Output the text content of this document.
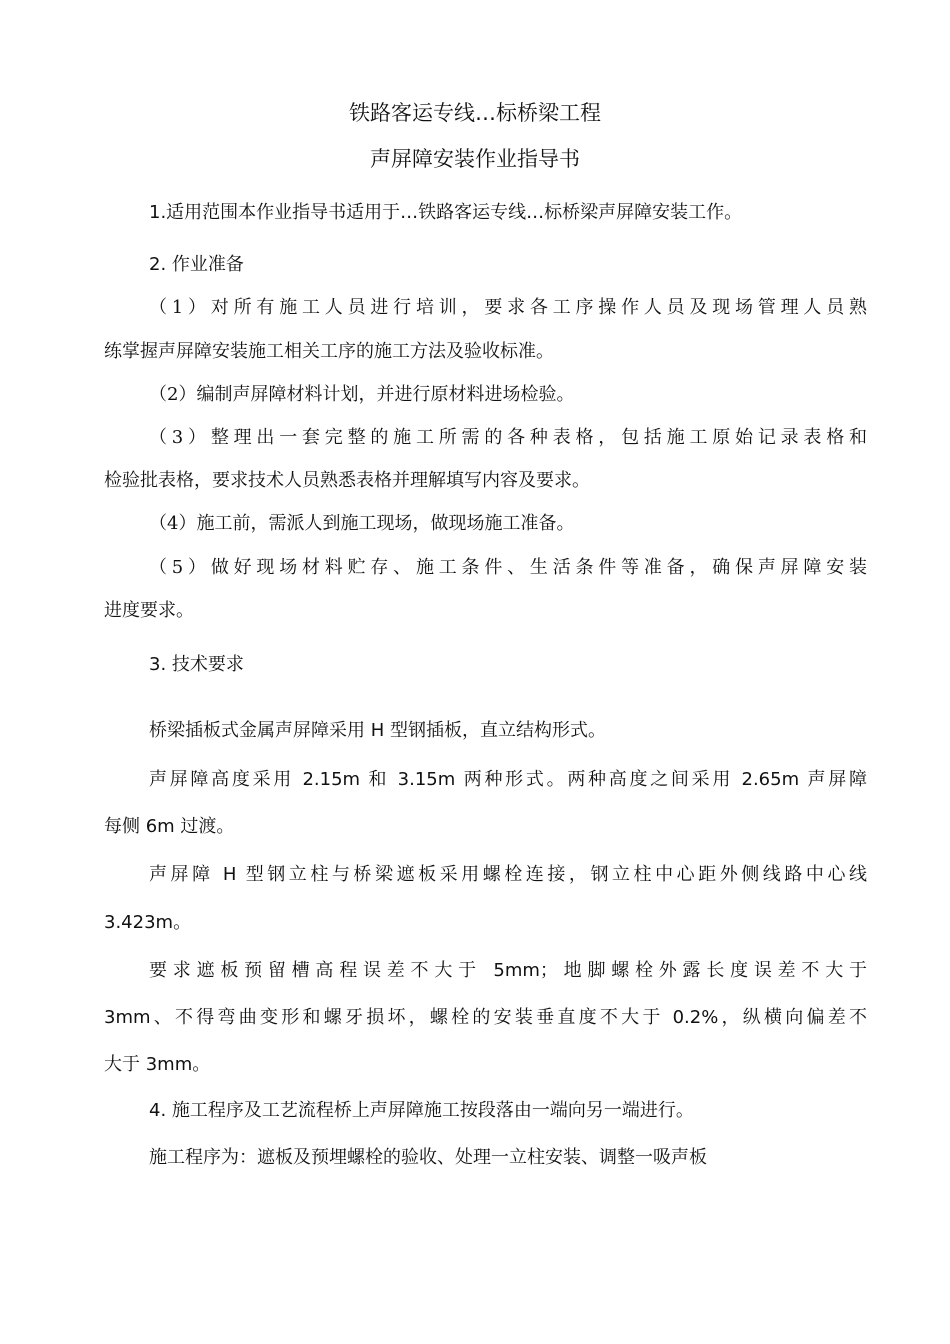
铁路客运专线…标桥梁工程
声屏障安装作业指导书
1.适用范围本作业指导书适用于…铁路客运专线…标桥梁声屏障安装工作。
2. 作业准备
（1）对所有施工人员进行培训，要求各工序操作人员及现场管理人员熟
练掌握声屏障安装施工相关工序的施工方法及验收标准。
（2）编制声屏障材料计划，并进行原材料进场检验。
（3）整理出一套完整的施工所需的各种表格，包括施工原始记录表格和
检验批表格，要求技术人员熟悉表格并理解填写内容及要求。
（4）施工前，需派人到施工现场，做现场施工准备。
（5）做好现场材料贮存、施工条件、生活条件等准备，确保声屏障安装
进度要求。
3. 技术要求
桥梁插板式金属声屏障采用 H 型钢插板，直立结构形式。
声屏障高度采用 2.15m 和 3.15m 两种形式。两种高度之间采用 2.65m 声屏障
每侧 6m 过渡。
声屏障 H 型钢立柱与桥梁遮板采用螺栓连接，钢立柱中心距外侧线路中心线
3.423m。
要求遮板预留槽高程误差不大于 5mm；地脚螺栓外露长度误差不大于
3mm、不得弯曲变形和螺牙损坏，螺栓的安装垂直度不大于 0.2%，纵横向偏差不
大于 3mm。
4. 施工程序及工艺流程桥上声屏障施工按段落由一端向另一端进行。
施工程序为：遮板及预埋螺栓的验收、处理一立柱安装、调整一吸声板
